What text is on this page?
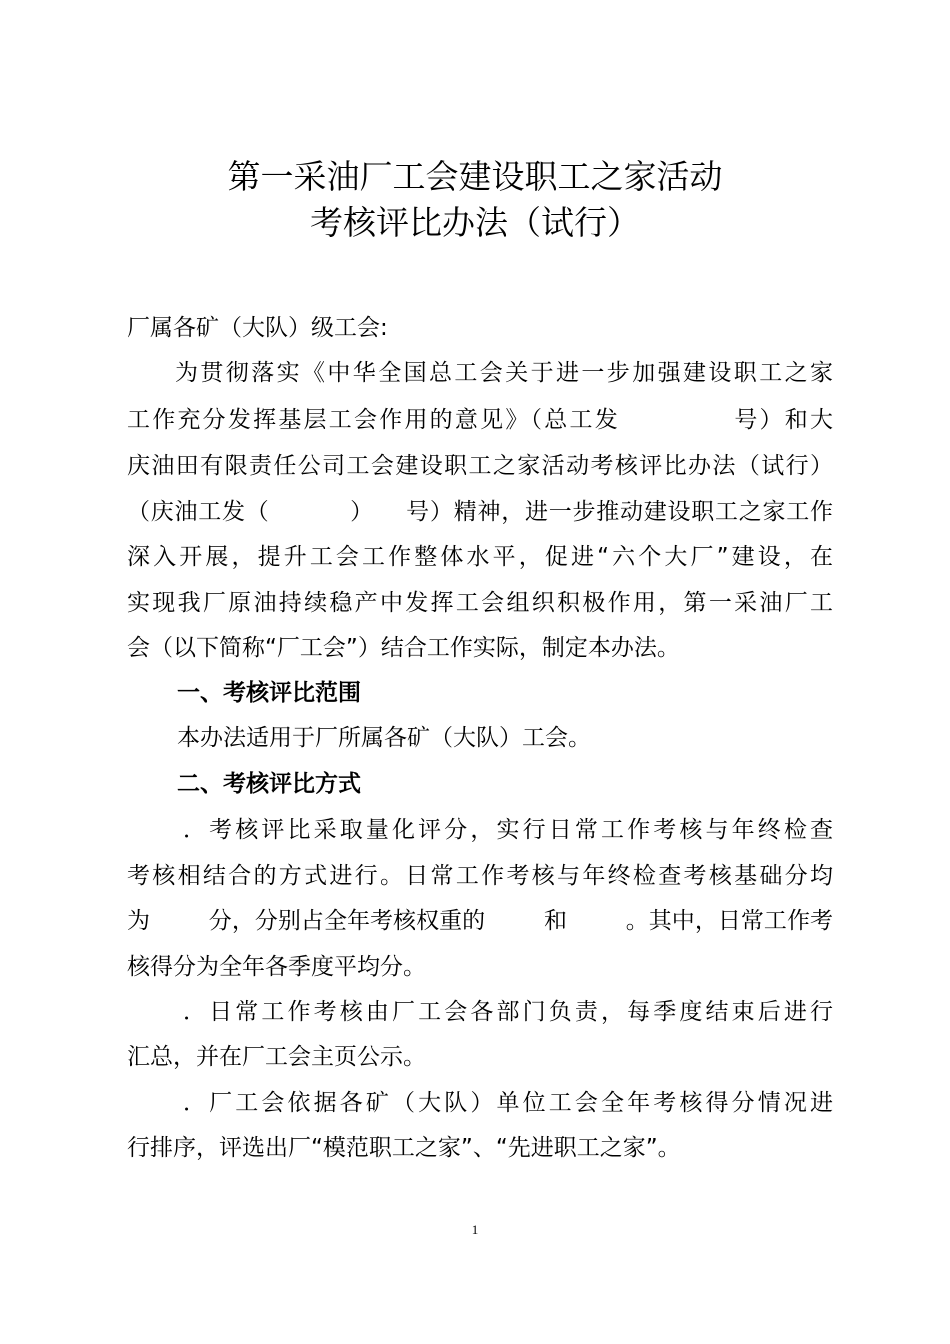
第一采油厂工会建设职工之家活动
考核评比办法（试行）
厂属各矿（大队）级工会:
为贯彻落实《中华全国总工会关于进一步加强建设职工之家
工作充分发挥基层工会作用的意见》（总工发            号）和大
庆油田有限责任公司工会建设职工之家活动考核评比办法（试行）
（庆油工发（          ）    号）精神，进一步推动建设职工之家工作
深入开展，提升工会工作整体水平，促进“六个大厂”建设，在
实现我厂原油持续稳产中发挥工会组织积极作用，第一采油厂工
会（以下简称“厂工会”）结合工作实际，制定本办法。
一、考核评比范围
本办法适用于厂所属各矿（大队）工会。
二、考核评比方式
．考核评比采取量化评分，实行日常工作考核与年终检查
考核相结合的方式进行。日常工作考核与年终检查考核基础分均
为        分，分别占全年考核权重的        和        。其中，日常工作考
核得分为全年各季度平均分。
．日常工作考核由厂工会各部门负责，每季度结束后进行
汇总，并在厂工会主页公示。
．厂工会依据各矿（大队）单位工会全年考核得分情况进
行排序，评选出厂“模范职工之家”、“先进职工之家”。
1
